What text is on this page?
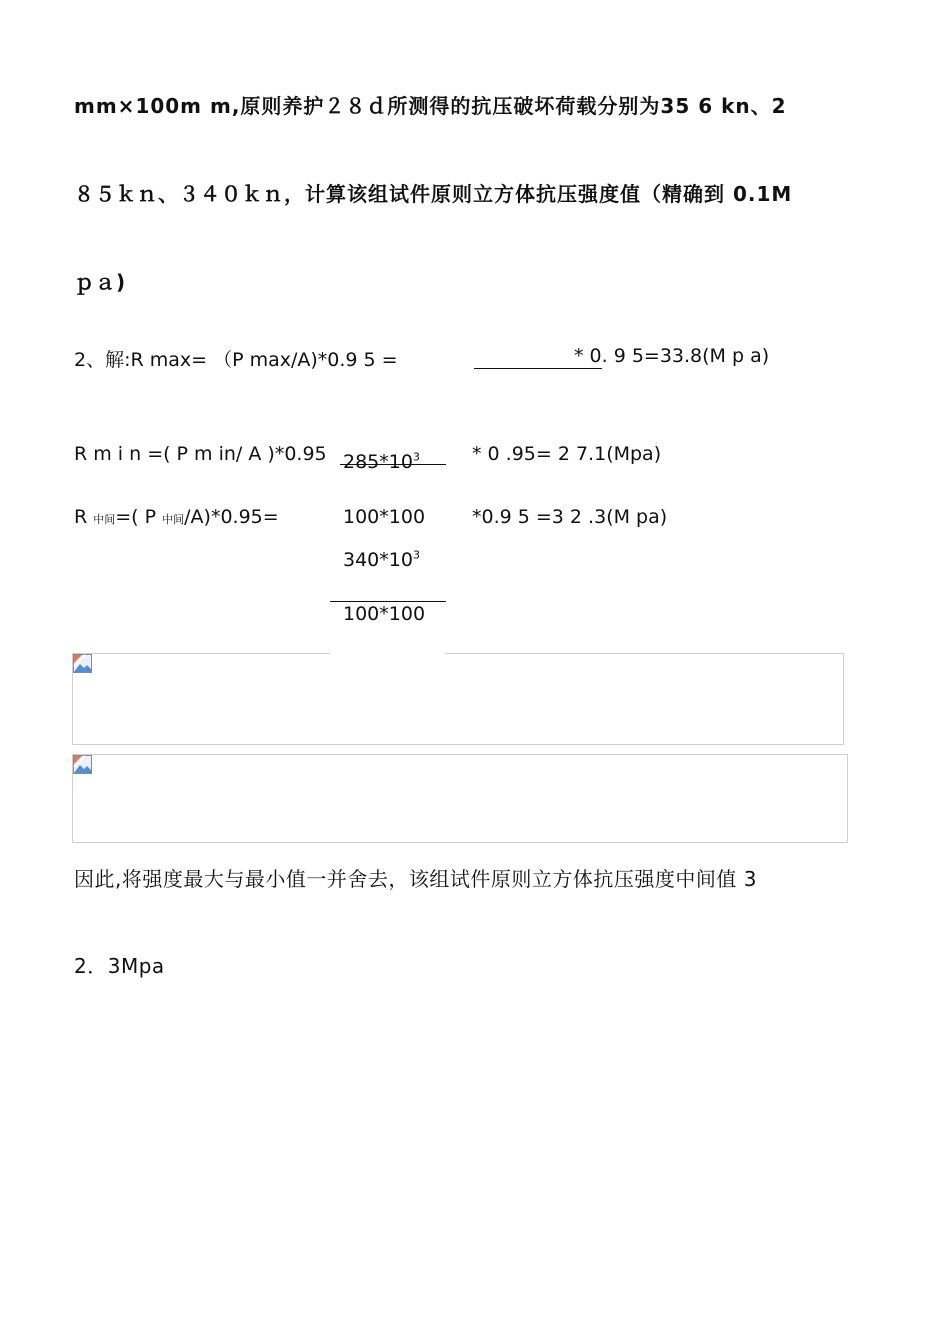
mm×100m m,原则养护２８ｄ所测得的抗压破坏荷载分别为35 6 kn、2
８５ｋｎ、３４０ｋｎ，计算该组试件原则立方体抗压强度值（精确到 0.1M
ｐａ)
2、解:R max= （P max/A)*0.9 5 =	* 0. 9 5=33.8(M p a)
R m i n =( P m in/ A )*0.95 $285*10^3$	* 0 .95= 2 7.1(Mpa)
R 中间=( P 中间/A)*0.95=	100*100 *0.9 5 =3 2 .3(M pa)
$340*10^3$
100*100
因此,将强度最大与最小值一并舍去，该组试件原则立方体抗压强度中间值 3
2．3Mpa
